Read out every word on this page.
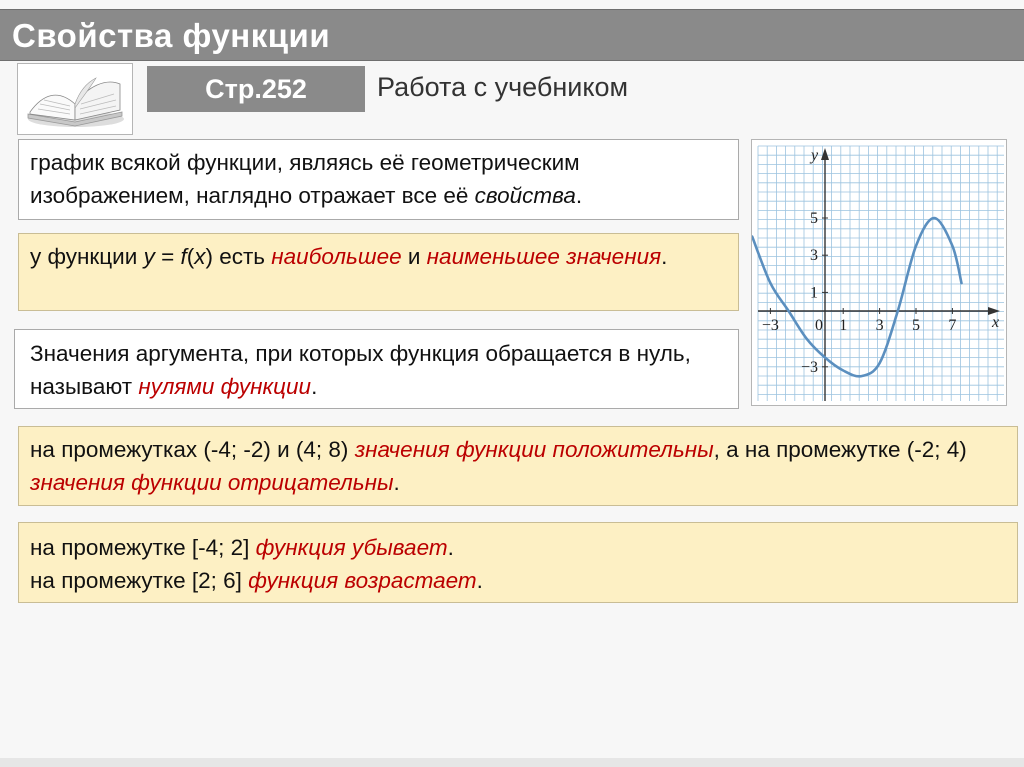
Свойства функции
Стр.252	Работа с учебником
график всякой функции, являясь её геометрическим изображением, наглядно отражает все её свойства.
у функции y = f(x) есть наибольшее и наименьшее значения.
Значения аргумента, при которых функция обращается в нуль, называют нулями функции.
на промежутках (-4; -2) и (4; 8) значения функции положительны, а на промежутке (-2; 4) значения функции отрицательны.
на промежутке [-4; 2] функция убывает.
на промежутке [2; 6] функция возрастает.
x
y
−3 0 1 3 5 7
5
3
1
−3
